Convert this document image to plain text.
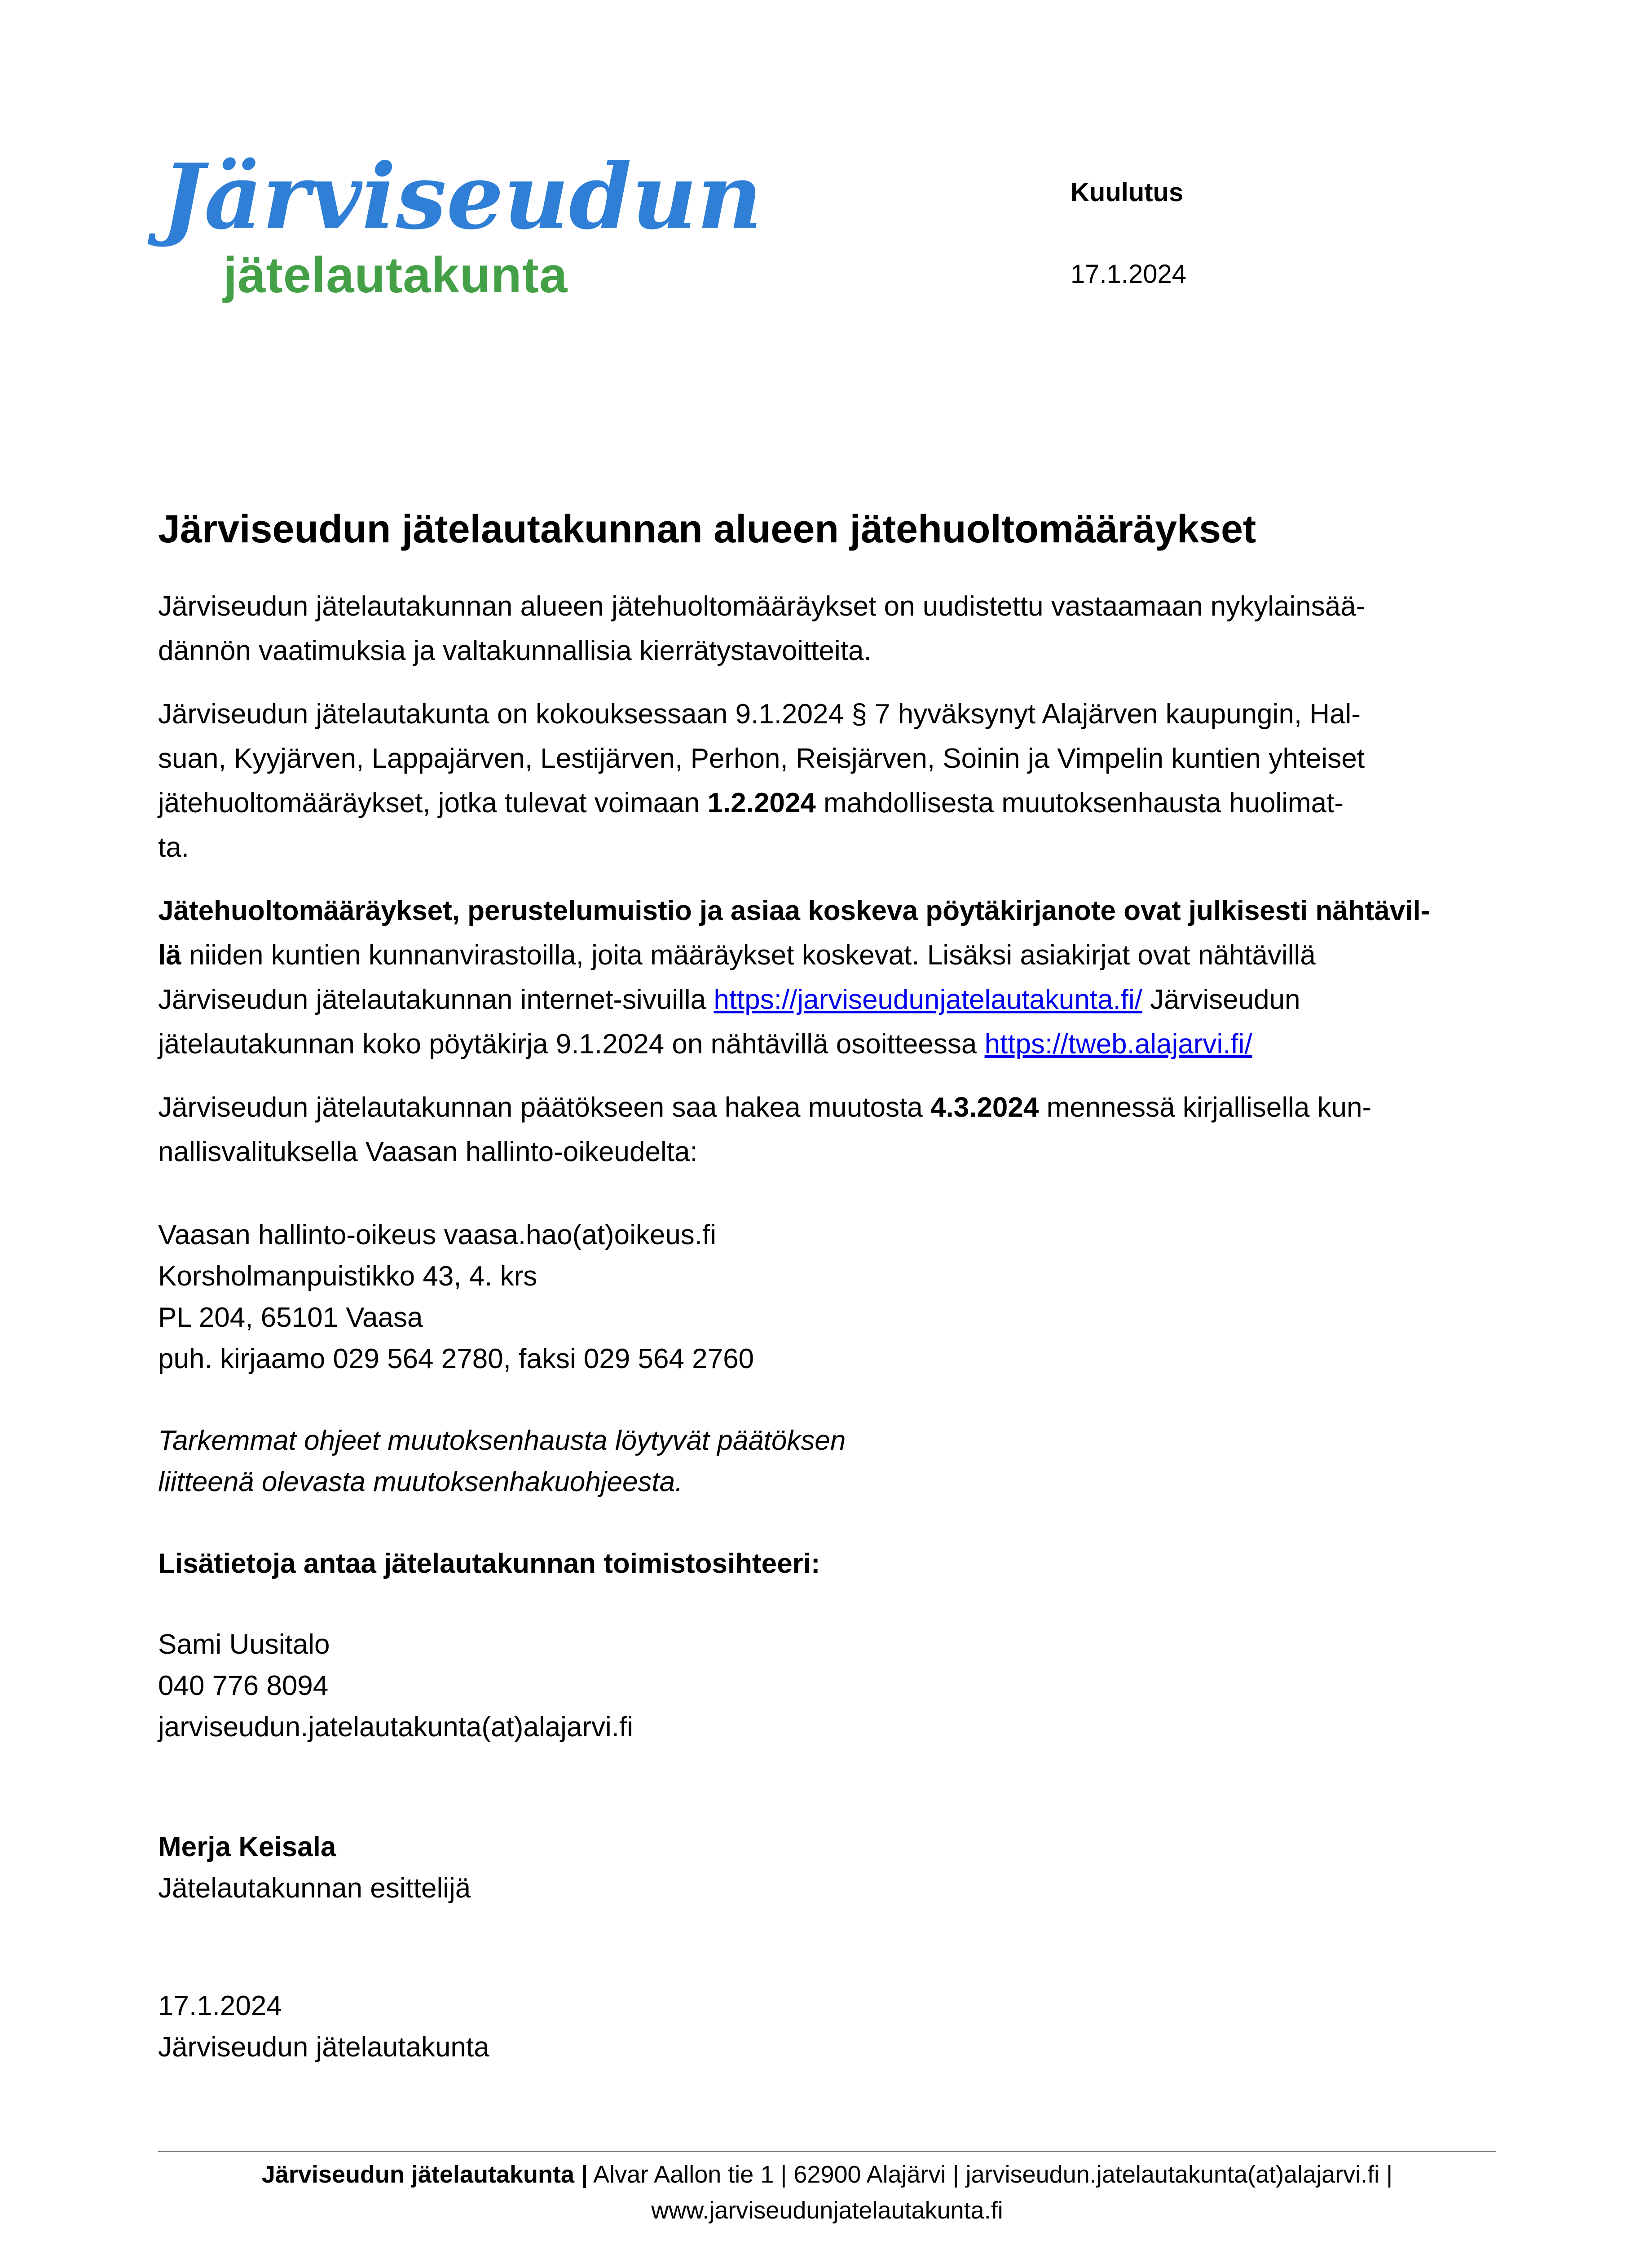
Järviseudun
jätelautakunta
Kuulutus
17.1.2024
Järviseudun jätelautakunnan alueen jätehuoltomääräykset
Järviseudun jätelautakunnan alueen jätehuoltomääräykset on uudistettu vastaamaan nykylainsää-
dännön vaatimuksia ja valtakunnallisia kierrätystavoitteita.
Järviseudun jätelautakunta on kokouksessaan 9.1.2024 § 7 hyväksynyt Alajärven kaupungin, Hal-
suan, Kyyjärven, Lappajärven, Lestijärven, Perhon, Reisjärven, Soinin ja Vimpelin kuntien yhteiset
jätehuoltomääräykset, jotka tulevat voimaan 1.2.2024 mahdollisesta muutoksenhausta huolimat-
ta.
Jätehuoltomääräykset, perustelumuistio ja asiaa koskeva pöytäkirjanote ovat julkisesti nähtävil-
lä niiden kuntien kunnanvirastoilla, joita määräykset koskevat. Lisäksi asiakirjat ovat nähtävillä
Järviseudun jätelautakunnan internet-sivuilla https://jarviseudunjatelautakunta.fi/ Järviseudun
jätelautakunnan koko pöytäkirja 9.1.2024 on nähtävillä osoitteessa https://tweb.alajarvi.fi/
Järviseudun jätelautakunnan päätökseen saa hakea muutosta 4.3.2024 mennessä kirjallisella kun-
nallisvalituksella Vaasan hallinto-oikeudelta:
Vaasan hallinto-oikeus vaasa.hao(at)oikeus.fi
Korsholmanpuistikko 43, 4. krs
PL 204, 65101 Vaasa
puh. kirjaamo 029 564 2780, faksi 029 564 2760
Tarkemmat ohjeet muutoksenhausta löytyvät päätöksen
liitteenä olevasta muutoksenhakuohjeesta.
Lisätietoja antaa jätelautakunnan toimistosihteeri:
Sami Uusitalo
040 776 8094
jarviseudun.jatelautakunta(at)alajarvi.fi
Merja Keisala
Jätelautakunnan esittelijä
17.1.2024
Järviseudun jätelautakunta
Järviseudun jätelautakunta | Alvar Aallon tie 1 | 62900 Alajärvi | jarviseudun.jatelautakunta(at)alajarvi.fi |
www.jarviseudunjatelautakunta.fi
